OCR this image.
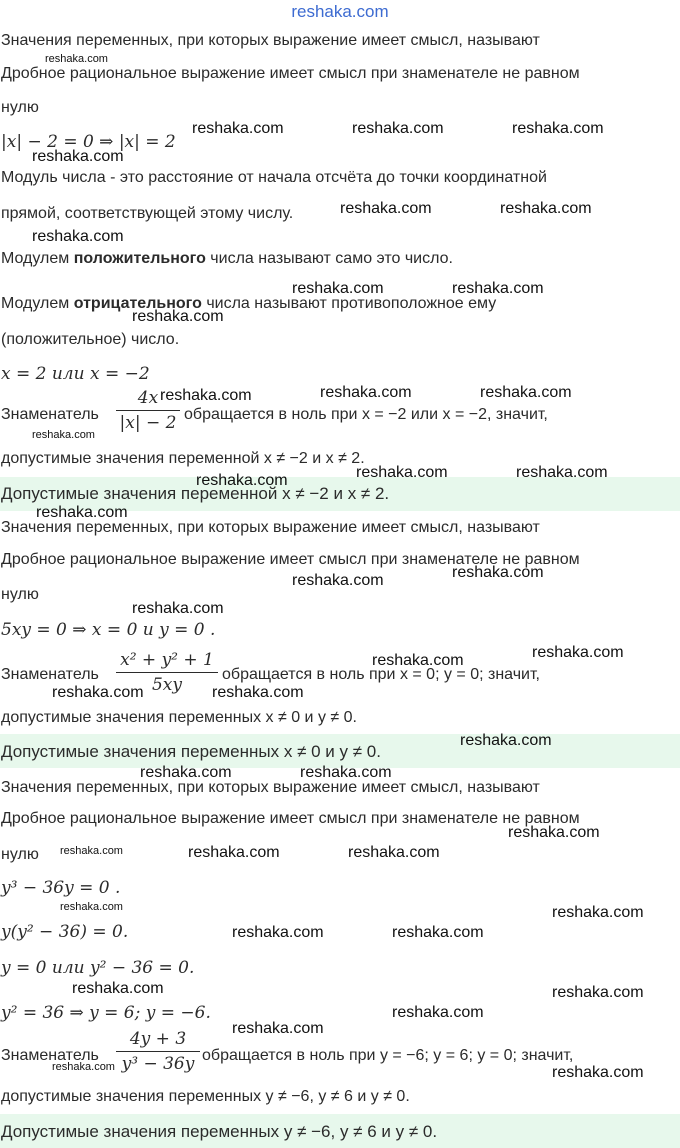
reshaka.com
Значения переменных, при которых выражение имеет смысл, называют
Дробное рациональное выражение имеет смысл при знаменателе не равном
нулю
|x| − 2 = 0 ⇒ |x| = 2
Модуль числа - это расстояние от начала отсчёта до точки координатной
прямой, соответствующей этому числу.
Модулем положительного числа называют само это число.
Модулем отрицательного числа называют противоположное ему
(положительное) число.
x = 2 или x = −2
Знаменатель
4x
|x| − 2 обращается в ноль при x = −2 или x = −2, значит,
допустимые значения переменной x ≠ −2 и x ≠ 2.
Допустимые значения переменной x ≠ −2 и x ≠ 2.
Значения переменных, при которых выражение имеет смысл, называют
Дробное рациональное выражение имеет смысл при знаменателе не равном
нулю
5xy = 0 ⇒ x = 0 и y = 0 .
Знаменатель
x² + y² + 1
5xy
обращается в ноль при x = 0; y = 0; значит,
допустимые значения переменных x ≠ 0 и y ≠ 0.
Допустимые значения переменных x ≠ 0 и y ≠ 0.
Значения переменных, при которых выражение имеет смысл, называют
Дробное рациональное выражение имеет смысл при знаменателе не равном
нулю
y³ − 36y = 0 .
y(y² − 36) = 0.
y = 0 или y² − 36 = 0.
y² = 36 ⇒ y = 6; y = −6.
Знаменатель
4y + 3
y³ − 36y обращается в ноль при y = −6; y = 6; y = 0; значит,
допустимые значения переменных y ≠ −6, y ≠ 6 и y ≠ 0.
Допустимые значения переменных y ≠ −6, y ≠ 6 и y ≠ 0.
reshaka.com
reshaka.com	reshaka.com	reshaka.com
reshaka.com
reshaka.com	reshaka.com
reshaka.com
reshaka.com	reshaka.com
reshaka.com
reshaka.com	reshaka.com	reshaka.com
reshaka.com
reshaka.com	reshaka.com
reshaka.com
reshaka.com
reshaka.com
reshaka.com
reshaka.com
reshaka.com
reshaka.com
reshaka.com	reshaka.com
reshaka.com
reshaka.com	reshaka.com
reshaka.com
reshaka.com	reshaka.com	reshaka.com
reshaka.com	reshaka.com
reshaka.com	reshaka.com
reshaka.com	reshaka.com
reshaka.com
reshaka.com
reshaka.com	reshaka.com
